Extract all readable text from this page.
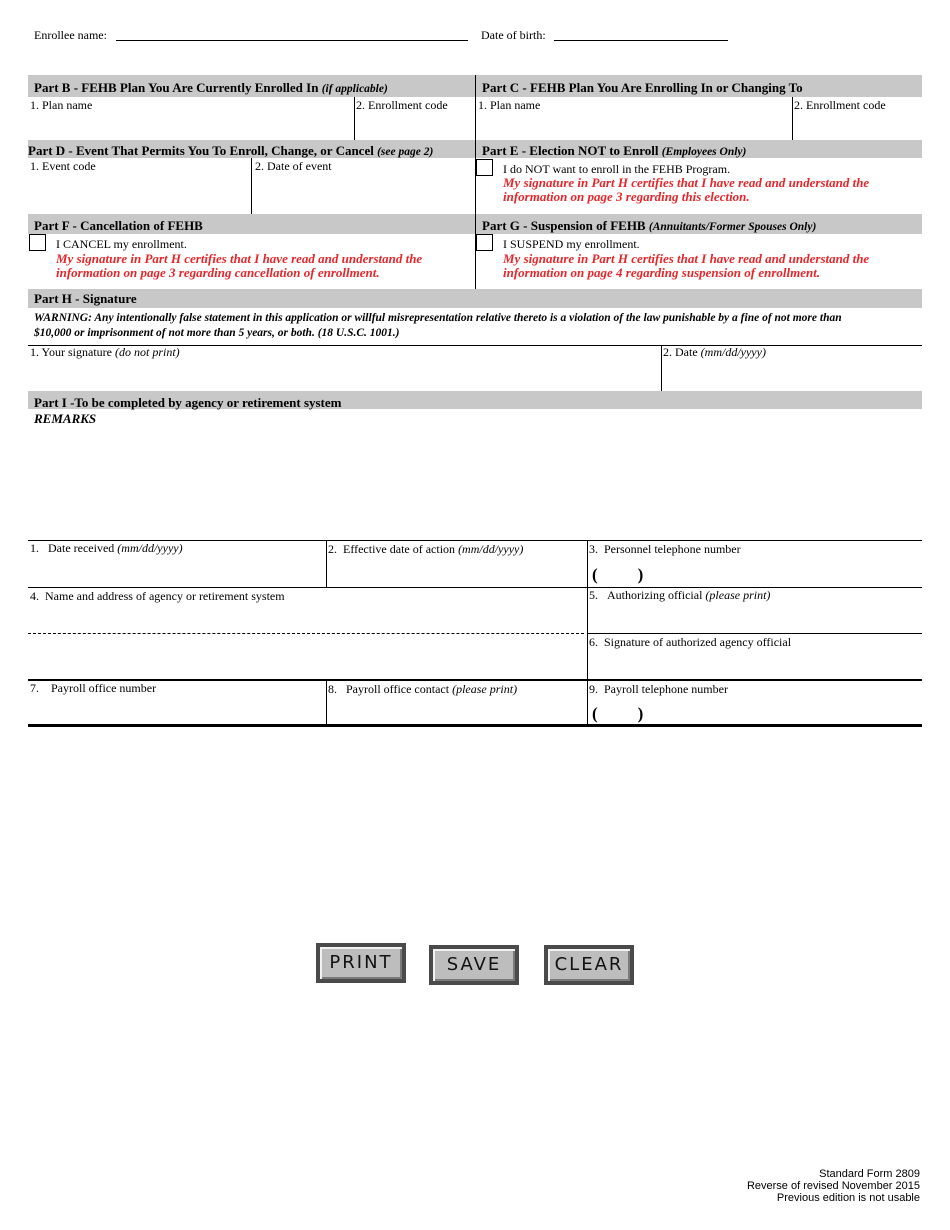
Enrollee name:	Date of birth:
Part B - FEHB Plan You Are Currently Enrolled In (if applicable)	Part C - FEHB Plan You Are Enrolling In or Changing To
1. Plan name	2. Enrollment code	1. Plan name	2. Enrollment code
Part D - Event That Permits You To Enroll, Change, or Cancel (see page 2)	Part E - Election NOT to Enroll (Employees Only)
1. Event code	2. Date of event	I do NOT want to enroll in the FEHB Program.
My signature in Part H certifies that I have read and understand the
information on page 3 regarding this election.
Part F - Cancellation of FEHB	Part G - Suspension of FEHB (Annuitants/Former Spouses Only)
I CANCEL my enrollment.
My signature in Part H certifies that I have read and understand the
information on page 3 regarding cancellation of enrollment.
I SUSPEND my enrollment.
My signature in Part H certifies that I have read and understand the
information on page 4 regarding suspension of enrollment.
Part H - Signature
WARNING: Any intentionally false statement in this application or willful misrepresentation relative thereto is a violation of the law punishable by a fine of not more than
$10,000 or imprisonment of not more than 5 years, or both. (18 U.S.C. 1001.)
1. Your signature (do not print)	2. Date (mm/dd/yyyy)
Part I -To be completed by agency or retirement system
REMARKS
1. Date received (mm/dd/yyyy)	2. Effective date of action (mm/dd/yyyy)	3. Personnel telephone number
( )
4. Name and address of agency or retirement system	5. Authorizing official (please print)
6. Signature of authorized agency official
7. Payroll office number	8. Payroll office contact (please print)	9. Payroll telephone number
( )
PRINT	SAVE	CLEAR
Standard Form 2809
Reverse of revised November 2015
Previous edition is not usable
